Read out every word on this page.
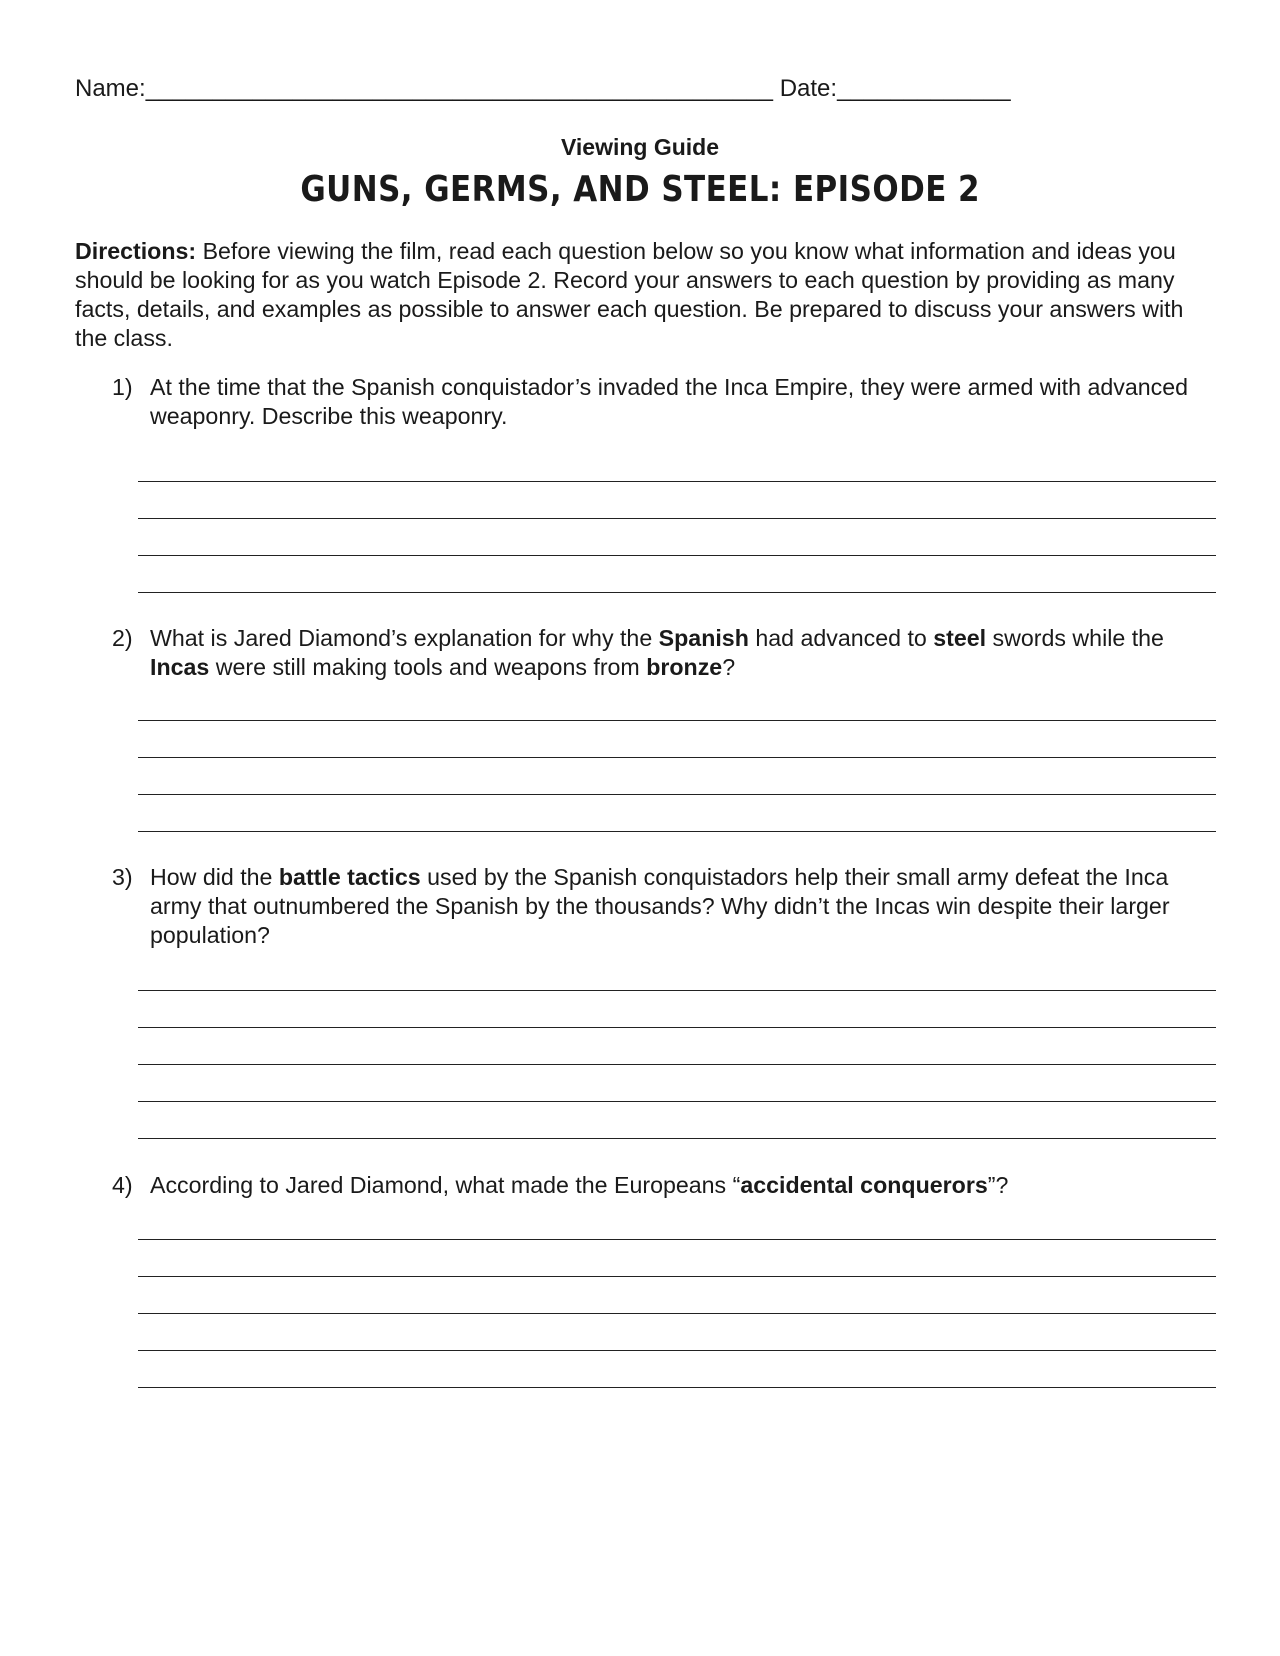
Name:_______________________________________________ Date:_____________
Viewing Guide
GUNS, GERMS, AND STEEL: EPISODE 2
Directions: Before viewing the film, read each question below so you know what information and ideas you should be looking for as you watch Episode 2. Record your answers to each question by providing as many facts, details, and examples as possible to answer each question. Be prepared to discuss your answers with the class.
1) At the time that the Spanish conquistador’s invaded the Inca Empire, they were armed with advanced weaponry. Describe this weaponry.
2) What is Jared Diamond’s explanation for why the Spanish had advanced to steel swords while the Incas were still making tools and weapons from bronze?
3) How did the battle tactics used by the Spanish conquistadors help their small army defeat the Inca army that outnumbered the Spanish by the thousands? Why didn’t the Incas win despite their larger population?
4) According to Jared Diamond, what made the Europeans “accidental conquerors”?
